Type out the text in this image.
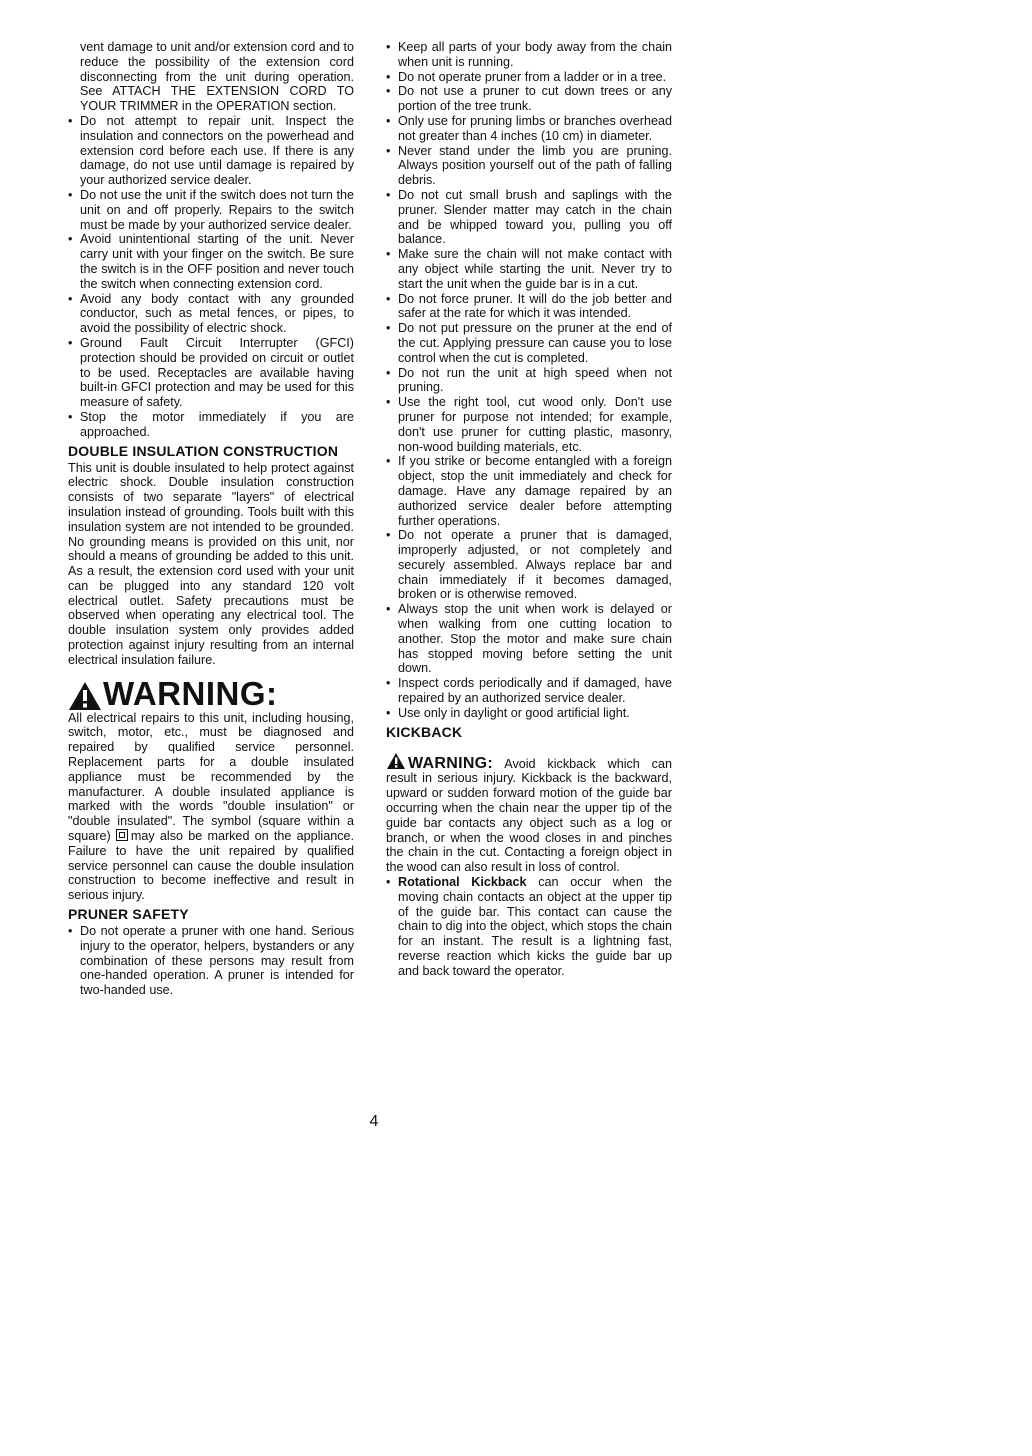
vent damage to unit and/or extension cord and to reduce the possibility of the extension cord disconnecting from the unit during operation. See ATTACH THE EXTENSION CORD TO YOUR TRIMMER in the OPERATION section.

• Do not attempt to repair unit. Inspect the insulation and connectors on the powerhead and extension cord before each use. If there is any damage, do not use until damage is repaired by your authorized service dealer.

• Do not use the unit if the switch does not turn the unit on and off properly. Repairs to the switch must be made by your authorized service dealer.

• Avoid unintentional starting of the unit. Never carry unit with your finger on the switch. Be sure the switch is in the OFF position and never touch the switch when connecting extension cord.

• Avoid any body contact with any grounded conductor, such as metal fences, or pipes, to avoid the possibility of electric shock.

• Ground Fault Circuit Interrupter (GFCI) protection should be provided on circuit or outlet to be used. Receptacles are available having built-in GFCI protection and may be used for this measure of safety.

• Stop the motor immediately if you are approached.

DOUBLE INSULATION CONSTRUCTION

This unit is double insulated to help protect against electric shock. Double insulation construction consists of two separate "layers" of electrical insulation instead of grounding. Tools built with this insulation system are not intended to be grounded. No grounding means is provided on this unit, nor should a means of grounding be added to this unit. As a result, the extension cord used with your unit can be plugged into any standard 120 volt electrical outlet. Safety precautions must be observed when operating any electrical tool. The double insulation system only provides added protection against injury resulting from an internal electrical insulation failure.

WARNING:

All electrical repairs to this unit, including housing, switch, motor, etc., must be diagnosed and repaired by qualified service personnel. Replacement parts for a double insulated appliance must be recommended by the manufacturer. A double insulated appliance is marked with the words "double insulation" or "double insulated". The symbol (square within a square) may also be marked on the appliance. Failure to have the unit repaired by qualified service personnel can cause the double insulation construction to become ineffective and result in serious injury.

PRUNER SAFETY

• Do not operate a pruner with one hand. Serious injury to the operator, helpers, bystanders or any combination of these persons may result from one-handed operation. A pruner is intended for two-handed use.

• Keep all parts of your body away from the chain when unit is running.

• Do not operate pruner from a ladder or in a tree.

• Do not use a pruner to cut down trees or any portion of the tree trunk.

• Only use for pruning limbs or branches overhead not greater than 4 inches (10 cm) in diameter.

• Never stand under the limb you are pruning. Always position yourself out of the path of falling debris.

• Do not cut small brush and saplings with the pruner. Slender matter may catch in the chain and be whipped toward you, pulling you off balance.

• Make sure the chain will not make contact with any object while starting the unit. Never try to start the unit when the guide bar is in a cut.

• Do not force pruner. It will do the job better and safer at the rate for which it was intended.

• Do not put pressure on the pruner at the end of the cut. Applying pressure can cause you to lose control when the cut is completed.

• Do not run the unit at high speed when not pruning.

• Use the right tool, cut wood only. Don't use pruner for purpose not intended; for example, don't use pruner for cutting plastic, masonry, non-wood building materials, etc.

• If you strike or become entangled with a foreign object, stop the unit immediately and check for damage. Have any damage repaired by an authorized service dealer before attempting further operations.

• Do not operate a pruner that is damaged, improperly adjusted, or not completely and securely assembled. Always replace bar and chain immediately if it becomes damaged, broken or is otherwise removed.

• Always stop the unit when work is delayed or when walking from one cutting location to another. Stop the motor and make sure chain has stopped moving before setting the unit down.

• Inspect cords periodically and if damaged, have repaired by an authorized service dealer.

• Use only in daylight or good artificial light.

KICKBACK

WARNING: Avoid kickback which can result in serious injury. Kickback is the backward, upward or sudden forward motion of the guide bar occurring when the chain near the upper tip of the guide bar contacts any object such as a log or branch, or when the wood closes in and pinches the chain in the cut. Contacting a foreign object in the wood can also result in loss of control.

• Rotational Kickback can occur when the moving chain contacts an object at the upper tip of the guide bar. This contact can cause the chain to dig into the object, which stops the chain for an instant. The result is a lightning fast, reverse reaction which kicks the guide bar up and back toward the operator.

4
